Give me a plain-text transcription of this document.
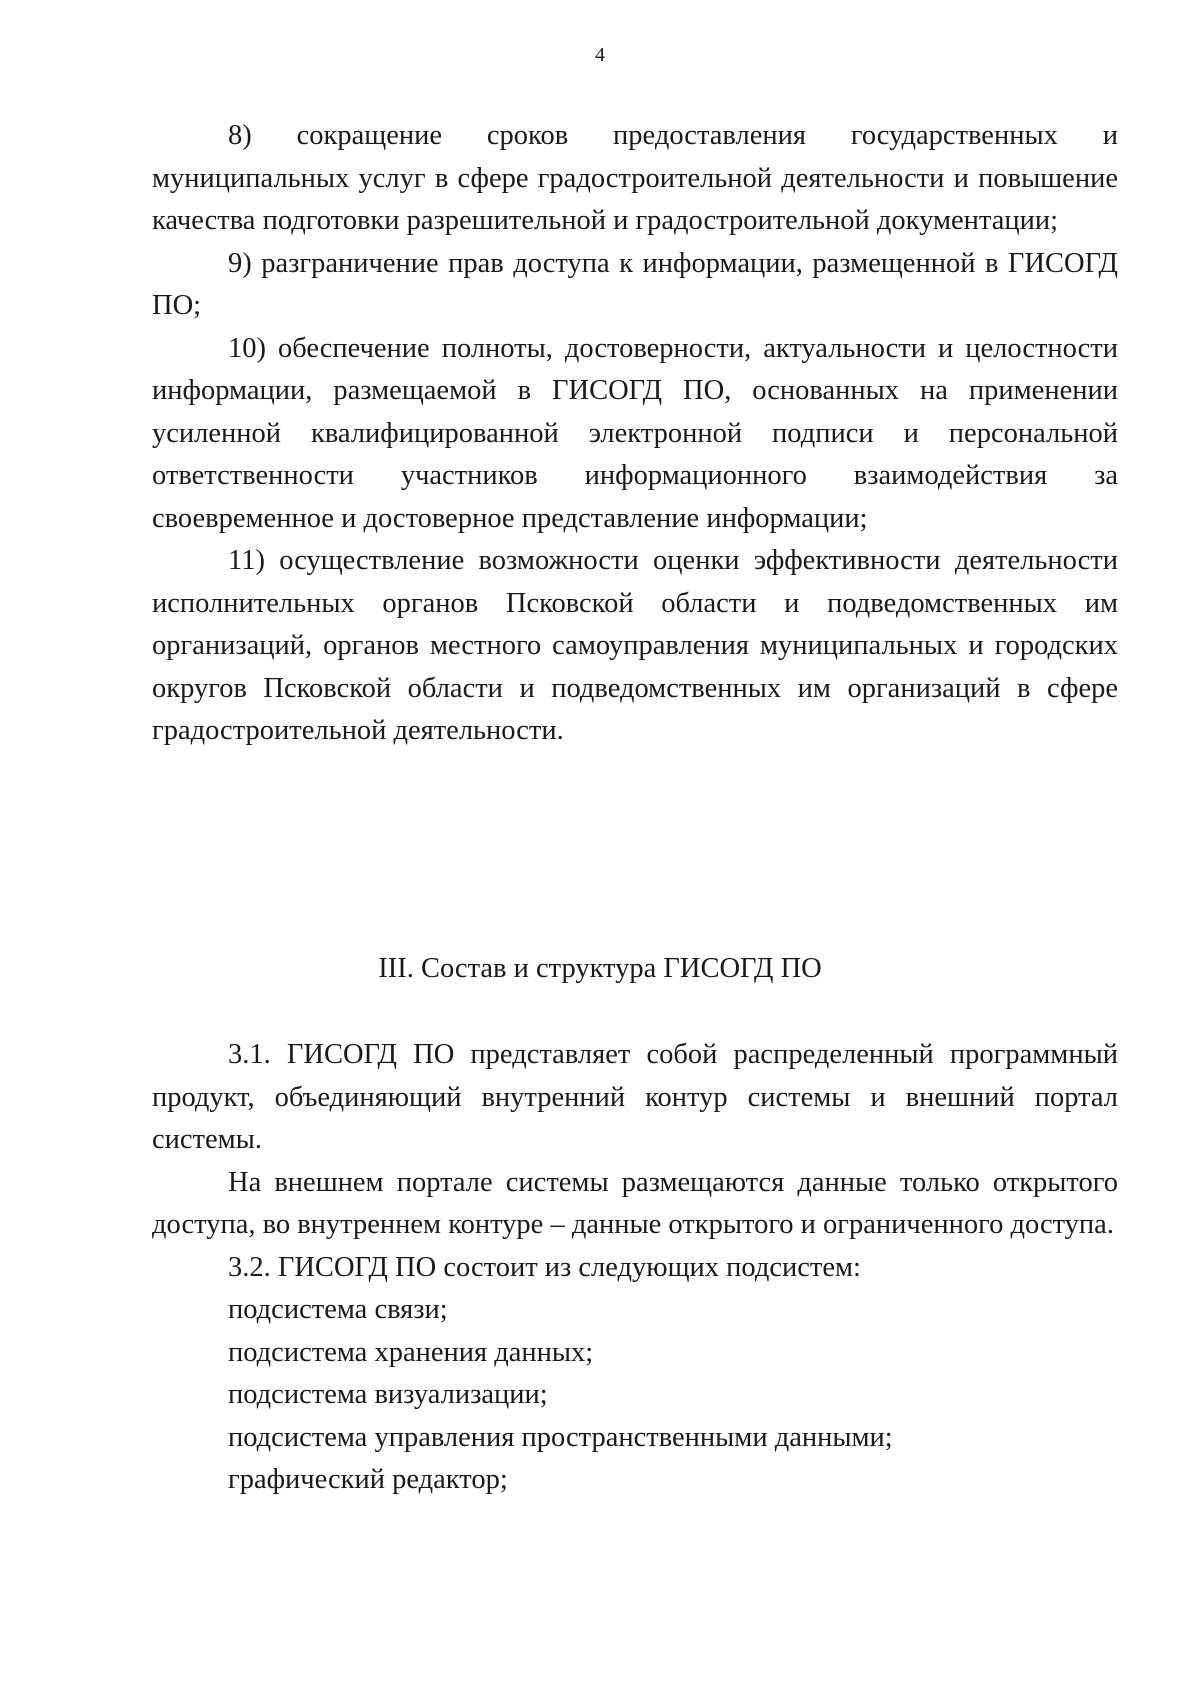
4

8) сокращение сроков предоставления государственных и муниципальных услуг в сфере градостроительной деятельности и повышение качества подготовки разрешительной и градостроительной документации;

9) разграничение прав доступа к информации, размещенной в ГИСОГД ПО;

10) обеспечение полноты, достоверности, актуальности и целостности информации, размещаемой в ГИСОГД ПО, основанных на применении усиленной квалифицированной электронной подписи и персональной ответственности участников информационного взаимодействия за своевременное и достоверное представление информации;

11) осуществление возможности оценки эффективности деятельности исполнительных органов Псковской области и подведомственных им организаций, органов местного самоуправления муниципальных и городских округов Псковской области и подведомственных им организаций в сфере градостроительной деятельности.

III. Состав и структура ГИСОГД ПО

3.1. ГИСОГД ПО представляет собой распределенный программный продукт, объединяющий внутренний контур системы и внешний портал системы.

На внешнем портале системы размещаются данные только открытого доступа, во внутреннем контуре – данные открытого и ограниченного доступа.

3.2. ГИСОГД ПО состоит из следующих подсистем:

подсистема связи;

подсистема хранения данных;

подсистема визуализации;

подсистема управления пространственными данными;

графический редактор;
